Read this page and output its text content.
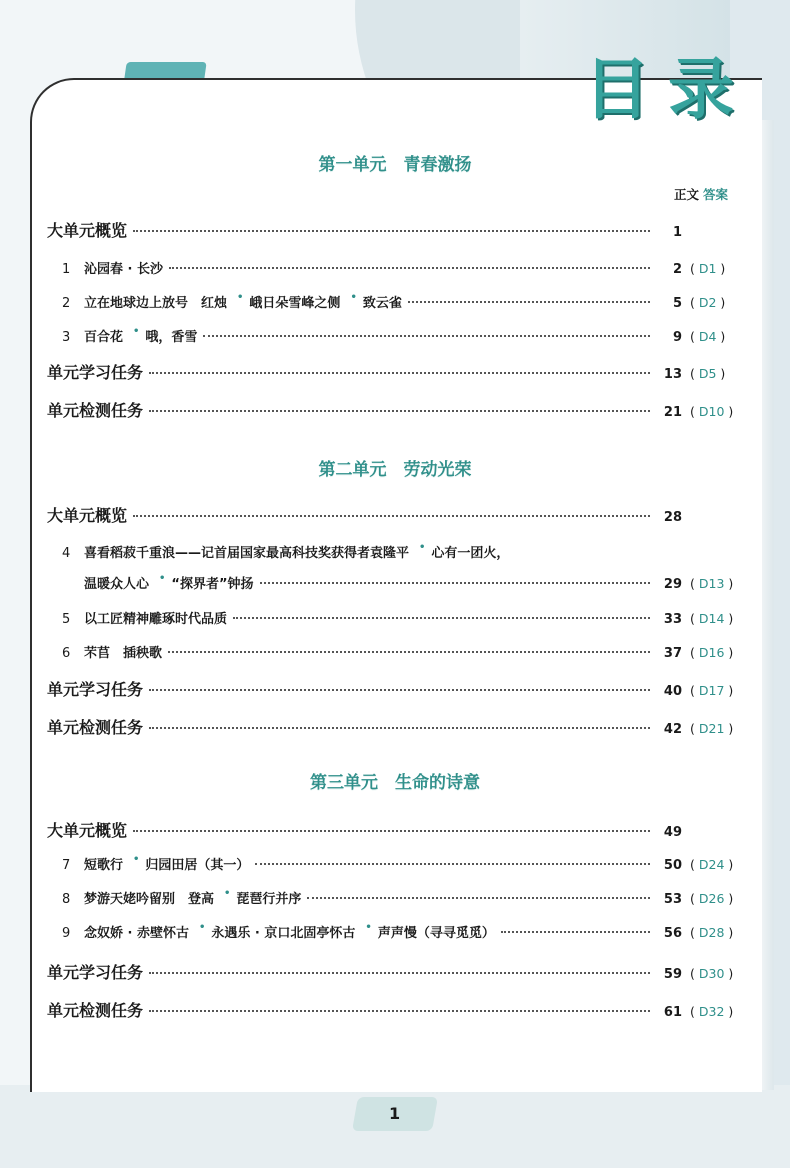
目录
正文 答案
第一单元　青春激扬
大单元概览	1
1	沁园春 · 长沙	2 ( D1 )
2	立在地球边上放号　红烛 • 峨日朵雪峰之侧 • 致云雀	5 ( D2 )
3	百合花 • 哦，香雪	9 ( D4 )
单元学习任务	13 ( D5 )
单元检测任务	21 ( D10 )
第二单元　劳动光荣
大单元概览	28
4	喜看稻菽千重浪——记首届国家最高科技奖获得者袁隆平 • 心有一团火，
温暖众人心 • “探界者”钟扬	29 ( D13 )
5	以工匠精神雕琢时代品质	33 ( D14 )
6	芣苢　插秧歌	37 ( D16 )
单元学习任务	40 ( D17 )
单元检测任务	42 ( D21 )
第三单元　生命的诗意
大单元概览	49
7	短歌行 • 归园田居（其一）	50 ( D24 )
8	梦游天姥吟留别　登高 • 琵琶行并序	53 ( D26 )
9	念奴娇 · 赤壁怀古 • 永遇乐 · 京口北固亭怀古 • 声声慢（寻寻觅觅）	56 ( D28 )
单元学习任务	59 ( D30 )
单元检测任务	61 ( D32 )
1
